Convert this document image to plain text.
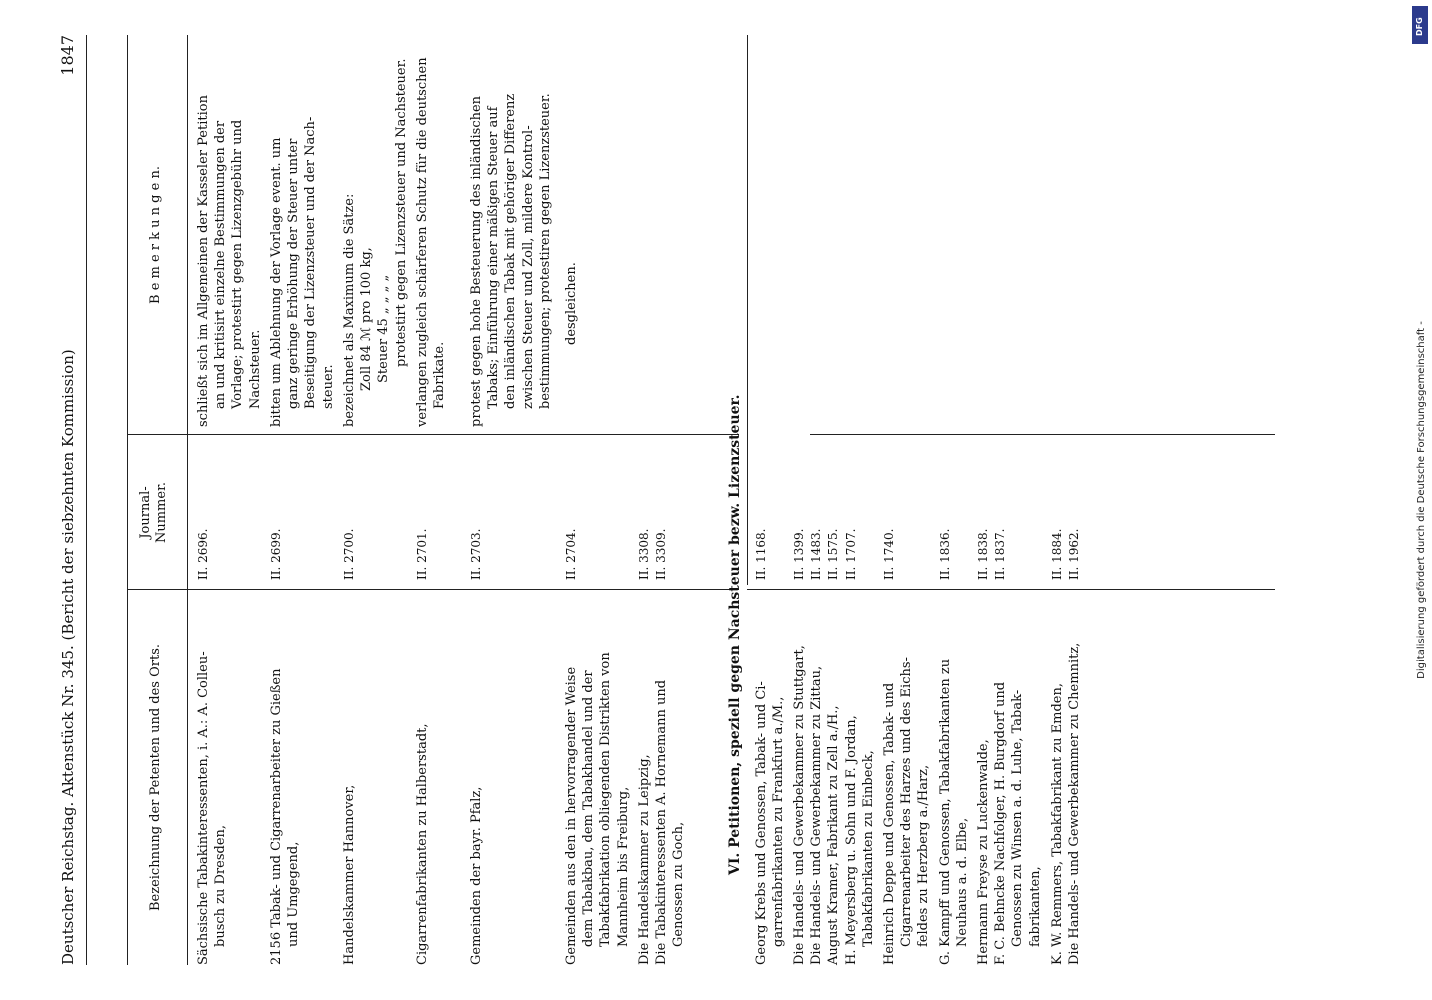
Deutscher Reichstag. Aktenstück Nr. 345. (Bericht der siebzehnten Kommission)
1847
Bezeichnung der Petenten und des Orts.
Journal- Nummer.
B e m e r k u n g e n.
Sächsische Tabakinteressenten, i. A.: A. Colleu- busch zu Dresden,
II. 2696.
schließt sich im Allgemeinen der Kasseler Petition an und kritisirt einzelne Bestimmungen der Vorlage; protestirt gegen Lizenzgebühr und Nachsteuer.
2156 Tabak- und Cigarrenarbeiter zu Gießen und Umgegend,
II. 2699.
bitten um Ablehnung der Vorlage event. um ganz geringe Erhöhung der Steuer unter Beseitigung der Lizenzsteuer und der Nach- steuer.
Handelskammer Hannover,
II. 2700.
bezeichnet als Maximum die Sätze: Zoll 84 ℳ pro 100 kg, Steuer 45 „ „ „ „ protestirt gegen Lizenzsteuer und Nachsteuer.
Cigarrenfabrikanten zu Halberstadt,
II. 2701.
verlangen zugleich schärferen Schutz für die deutschen Fabrikate.
Gemeinden der bayr. Pfalz,
II. 2703.
protest gegen hohe Besteuerung des inländischen Tabaks; Einführung einer mäßigen Steuer auf den inländischen Tabak mit gehöriger Differenz zwischen Steuer und Zoll, mildere Kontrol- bestimmungen; protestiren gegen Lizenzsteuer.
Gemeinden aus den in hervorragender Weise dem Tabakbau, dem Tabakhandel und der Tabakfabrikation obliegenden Distrikten von Mannheim bis Freiburg,
II. 2704.
desgleichen.
Die Handelskammer zu Leipzig, Die Tabakinteressenten A. Hornemann und Genossen zu Goch,
II. 3308. II. 3309.	VI. Petitionen, speziell gegen Nachsteuer bezw. Lizenzsteuer. Georg Krebs und Genossen, Tabak- und Ci- garrenfabrikanten zu Frankfurt a./M.,
II. 1168.
Die Handels- und Gewerbekammer zu Stuttgart, Die Handels- und Gewerbekammer zu Zittau, August Kramer, Fabrikant zu Zell a./H., H. Meyersberg u. Sohn und F. Jordan, Tabakfabrikanten zu Einbeck,
II. 1399. II. 1483. II. 1575. II. 1707.
Heinrich Deppe und Genossen, Tabak- und Cigarrenarbeiter des Harzes und des Eichs- feldes zu Herzberg a./Harz,
II. 1740.
G. Kampff und Genossen, Tabakfabrikanten zu Neuhaus a. d. Elbe,
II. 1836.
Hermann Freyse zu Luckenwalde, F. C. Behncke Nachfolger, H. Burgdorf und Genossen zu Winsen a. d. Luhe, Tabak- fabrikanten,
II. 1838. II. 1837.
K. W. Remmers, Tabakfabrikant zu Emden, Die Handels- und Gewerbekammer zu Chemnitz,
II. 1884. II. 1962.	Digitalisierung gefördert durch die Deutsche Forschungsgemeinschaft -
DFG
